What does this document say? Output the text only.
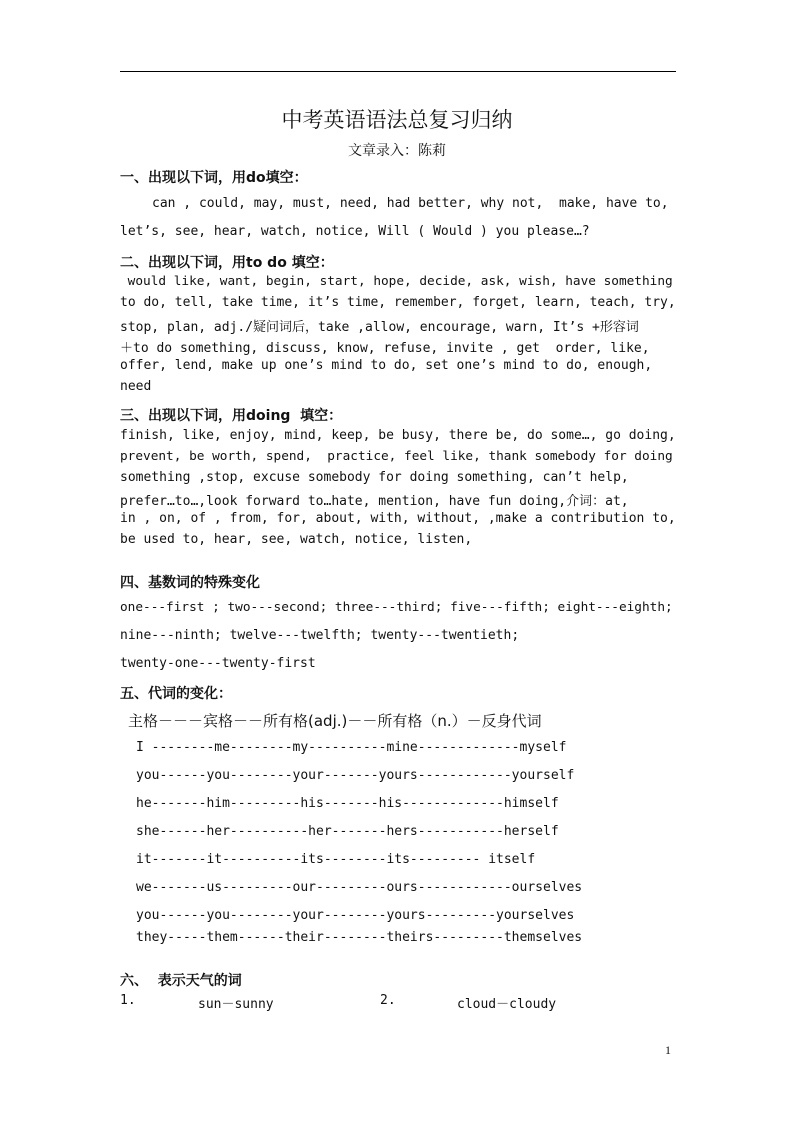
中考英语语法总复习归纳
文章录入：陈莉
一、出现以下词，用do填空：
can , could, may, must, need, had better, why not,  make, have to,
let’s, see, hear, watch, notice, Will ( Would ) you please…?
二、出现以下词，用to do 填空：
would like, want, begin, start, hope, decide, ask, wish, have something
to do, tell, take time, it’s time, remember, forget, learn, teach, try,
stop, plan, adj./疑问词后，take ,allow, encourage, warn, It’s +形容词
＋to do something, discuss, know, refuse, invite , get  order, like,
offer, lend, make up one’s mind to do, set one’s mind to do, enough,
need
三、出现以下词，用doing  填空：
finish, like, enjoy, mind, keep, be busy, there be, do some…, go doing,
prevent, be worth, spend,  practice, feel like, thank somebody for doing
something ,stop, excuse somebody for doing something, can’t help,
prefer…to…,look forward to…hate, mention, have fun doing,介词：at,
in , on, of , from, for, about, with, without, ,make a contribution to,
be used to, hear, see, watch, notice, listen,
四、基数词的特殊变化
one---first ; two---second; three---third; five---fifth; eight---eighth;
nine---ninth; twelve---twelfth; twenty---twentieth;
twenty-one---twenty-first
五、代词的变化：
主格－－－宾格－－所有格(adj.)－－所有格（n.）－反身代词
I --------me--------my----------mine-------------myself
you------you--------your-------yours------------yourself
he-------him---------his-------his-------------himself
she------her----------her-------hers-----------herself
it-------it----------its--------its--------- itself
we-------us---------our---------ours------------ourselves
you------you--------your--------yours---------yourselves
they-----them------their--------theirs---------themselves
六、  表示天气的词
1.	sun－sunny	2.	cloud－cloudy
1
